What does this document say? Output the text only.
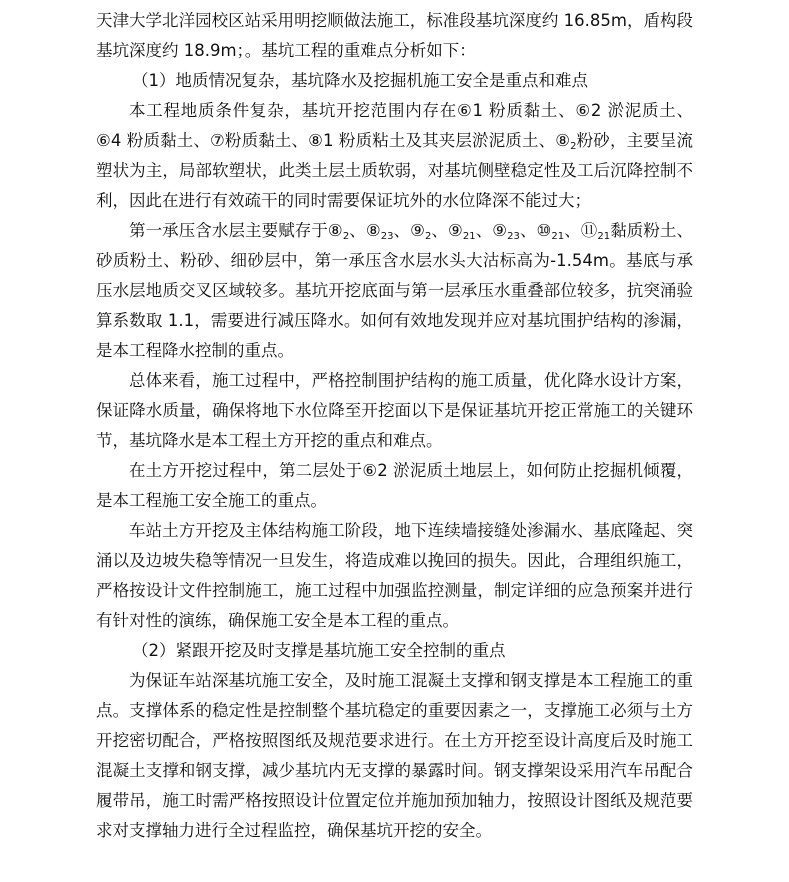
天津大学北洋园校区站采用明挖顺做法施工，标准段基坑深度约 16.85m，盾构段基坑深度约 18.9m；。基坑工程的重难点分析如下：

（1）地质情况复杂，基坑降水及挖掘机施工安全是重点和难点

本工程地质条件复杂，基坑开挖范围内存在⑥1 粉质黏土、⑥2 淤泥质土、⑥4 粉质黏土、⑦粉质黏土、⑧1 粉质粘土及其夹层淤泥质土、$⑧_2$粉砂，主要呈流塑状为主，局部软塑状，此类土层土质软弱，对基坑侧壁稳定性及工后沉降控制不利，因此在进行有效疏干的同时需要保证坑外的水位降深不能过大；

第一承压含水层主要赋存于$⑧_2$、$⑧_{23}$、$⑨_2$、$⑨_{21}$、$⑨_{23}$、$⑩_{21}$、$⑪_{21}$黏质粉土、砂质粉土、粉砂、细砂层中，第一承压含水层水头大沽标高为-1.54m。基底与承压水层地质交叉区域较多。基坑开挖底面与第一层承压水重叠部位较多，抗突涌验算系数取 1.1，需要进行减压降水。如何有效地发现并应对基坑围护结构的渗漏，是本工程降水控制的重点。

总体来看，施工过程中，严格控制围护结构的施工质量，优化降水设计方案，保证降水质量，确保将地下水位降至开挖面以下是保证基坑开挖正常施工的关键环节，基坑降水是本工程土方开挖的重点和难点。

在土方开挖过程中，第二层处于⑥2 淤泥质土地层上，如何防止挖掘机倾覆，是本工程施工安全施工的重点。

车站土方开挖及主体结构施工阶段，地下连续墙接缝处渗漏水、基底隆起、突涌以及边坡失稳等情况一旦发生，将造成难以挽回的损失。因此，合理组织施工，严格按设计文件控制施工，施工过程中加强监控测量，制定详细的应急预案并进行有针对性的演练，确保施工安全是本工程的重点。

（2）紧跟开挖及时支撑是基坑施工安全控制的重点

为保证车站深基坑施工安全，及时施工混凝土支撑和钢支撑是本工程施工的重点。支撑体系的稳定性是控制整个基坑稳定的重要因素之一，支撑施工必须与土方开挖密切配合，严格按照图纸及规范要求进行。在土方开挖至设计高度后及时施工混凝土支撑和钢支撑，减少基坑内无支撑的暴露时间。钢支撑架设采用汽车吊配合履带吊，施工时需严格按照设计位置定位并施加预加轴力，按照设计图纸及规范要求对支撑轴力进行全过程监控，确保基坑开挖的安全。
